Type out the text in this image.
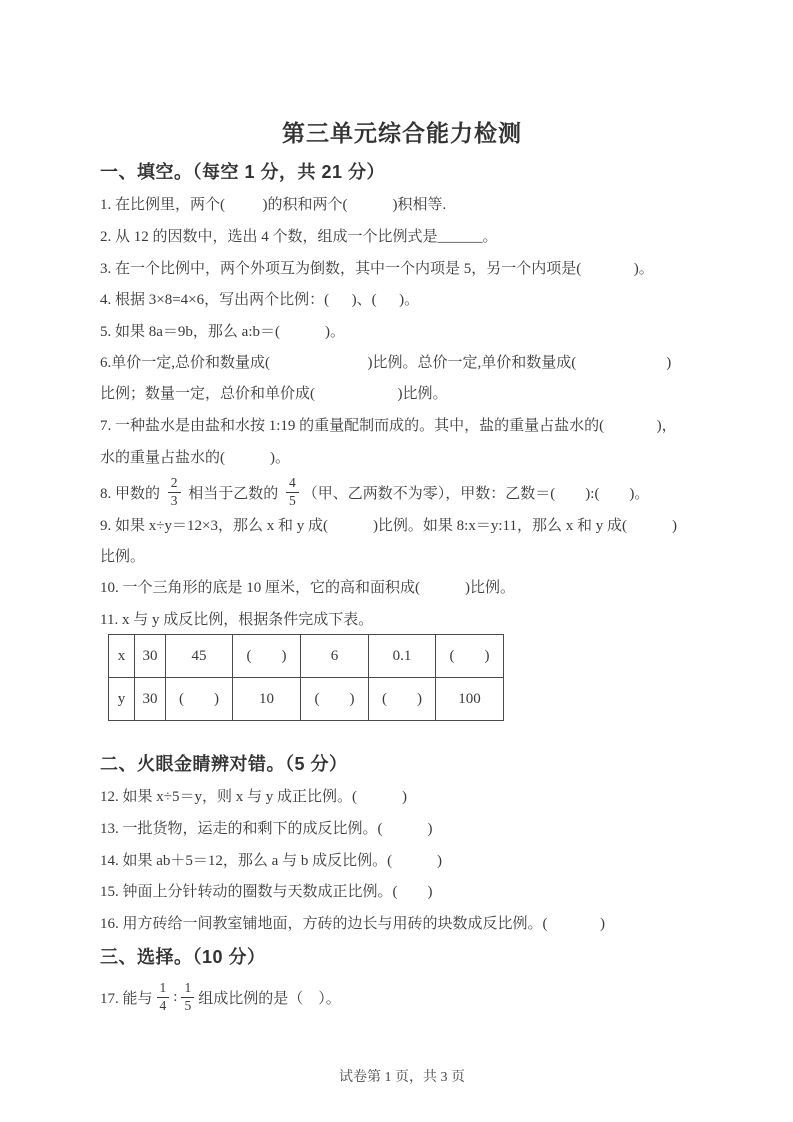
第三单元综合能力检测
一、填空。（每空 1 分，共 21 分）
1. 在比例里，两个(          )的积和两个(            )积相等.
2. 从 12 的因数中，选出 4 个数，组成一个比例式是______。
3. 在一个比例中，两个外项互为倒数，其中一个内项是 5，另一个内项是(              )。
4. 根据 3×8=4×6，写出两个比例：(      )、(      )。
5. 如果 8a＝9b，那么 a:b＝(            )。
6.单价一定,总价和数量成(                          )比例。总价一定,单价和数量成(                        )
比例；数量一定，总价和单价成(                      )比例。
7. 一种盐水是由盐和水按 1:19 的重量配制而成的。其中，盐的重量占盐水的(              )，
水的重量占盐水的(            )。
8. 甲数的 $\frac{2}{3}$ 相当于乙数的 $\frac{4}{5}$ （甲、乙两数不为零），甲数：乙数＝(        ):(        )。
9. 如果 x÷y＝12×3，那么 x 和 y 成(            )比例。如果 8:x＝y:11，那么 x 和 y 成(            )
比例。
10. 一个三角形的底是 10 厘米，它的高和面积成(            )比例。
11. x 与 y 成反比例，根据条件完成下表。
x	30	45	(        )	6	0.1	(        )
y	30	(        )	10	(        )	(        )	100
二、火眼金睛辨对错。（5 分）
12. 如果 x÷5＝y，则 x 与 y 成正比例。(            )
13. 一批货物，运走的和剩下的成反比例。(            )
14. 如果 ab＋5＝12，那么 a 与 b 成反比例。(            )
15. 钟面上分针转动的圈数与天数成正比例。(        )
16. 用方砖给一间教室铺地面，方砖的边长与用砖的块数成反比例。(              )
三、选择。（10 分）
17. 能与 $\frac{1}{4}$ : $\frac{1}{5}$ 组成比例的是（    ）。
试卷第 1 页，共 3 页
